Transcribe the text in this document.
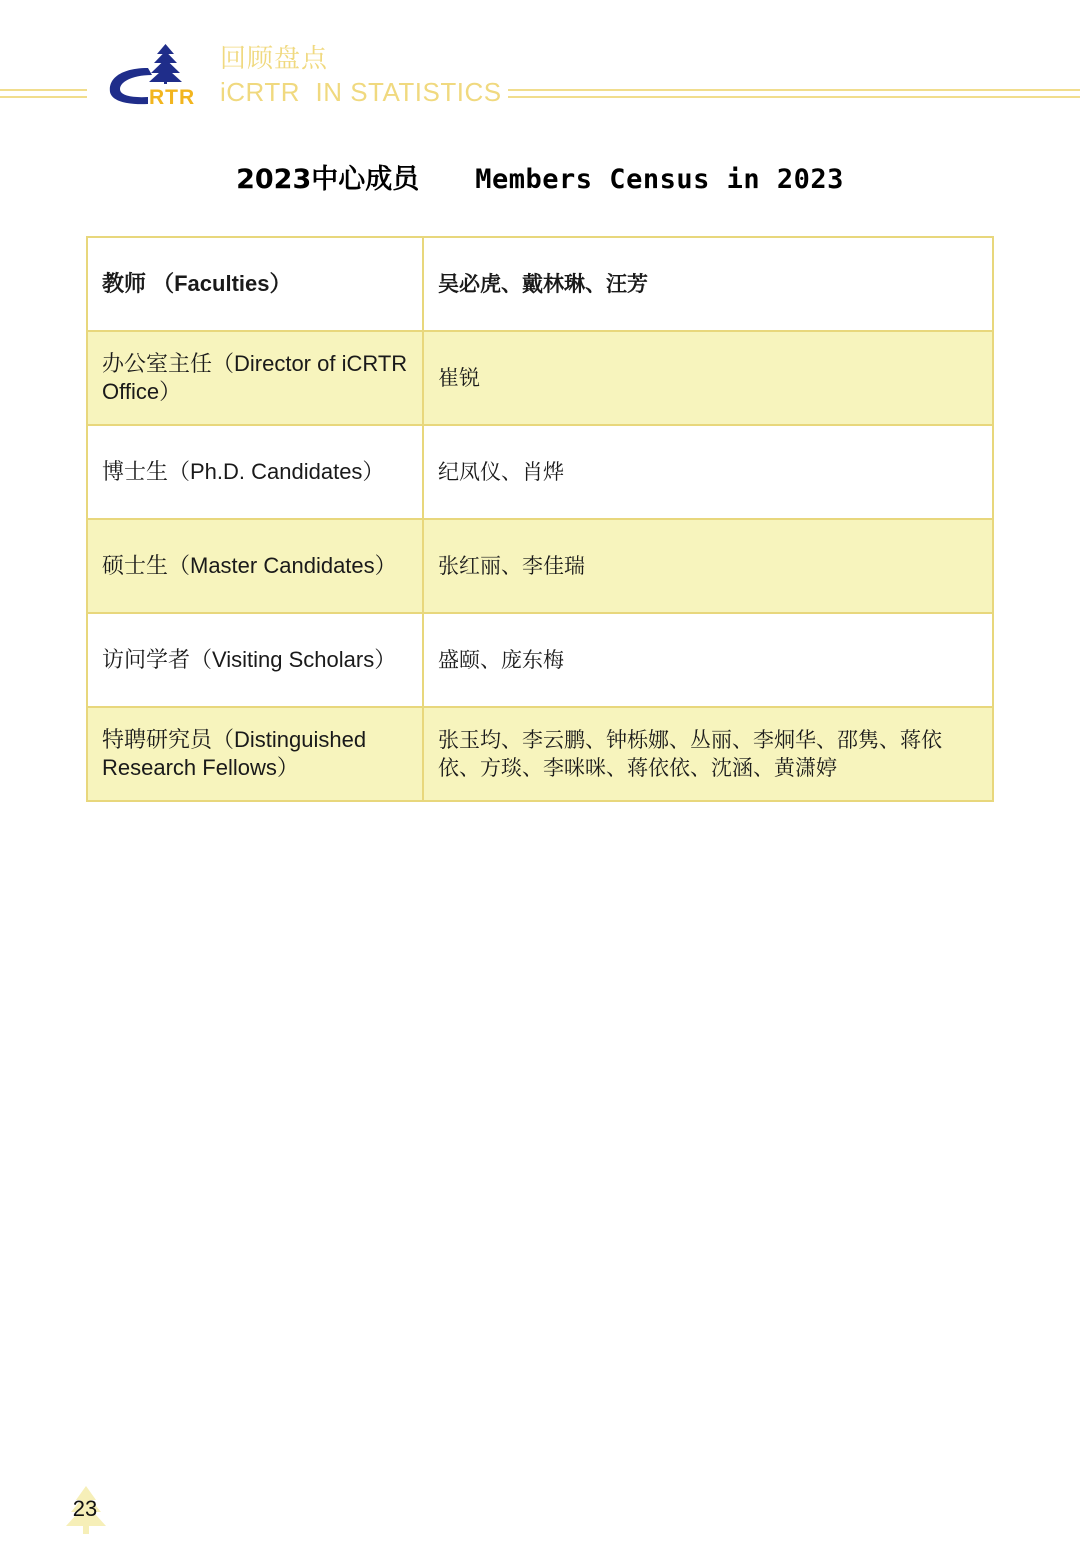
RTR
回顾盘点
iCRTR  IN STATISTICS
2023中心成员 Members Census in 2023
教师 （Faculties）	吴必虎、戴林琳、汪芳
办公室主任（Director of iCRTR Office）	崔锐
博士生（Ph.D. Candidates）	纪凤仪、肖烨
硕士生（Master Candidates）	张红丽、李佳瑞
访问学者（Visiting Scholars）	盛颐、庞东梅
特聘研究员（Distinguished Research Fellows）	张玉均、李云鹏、钟栎娜、丛丽、李炯华、邵隽、蒋依依、方琰、李咪咪、蒋依依、沈涵、黄潇婷
23
